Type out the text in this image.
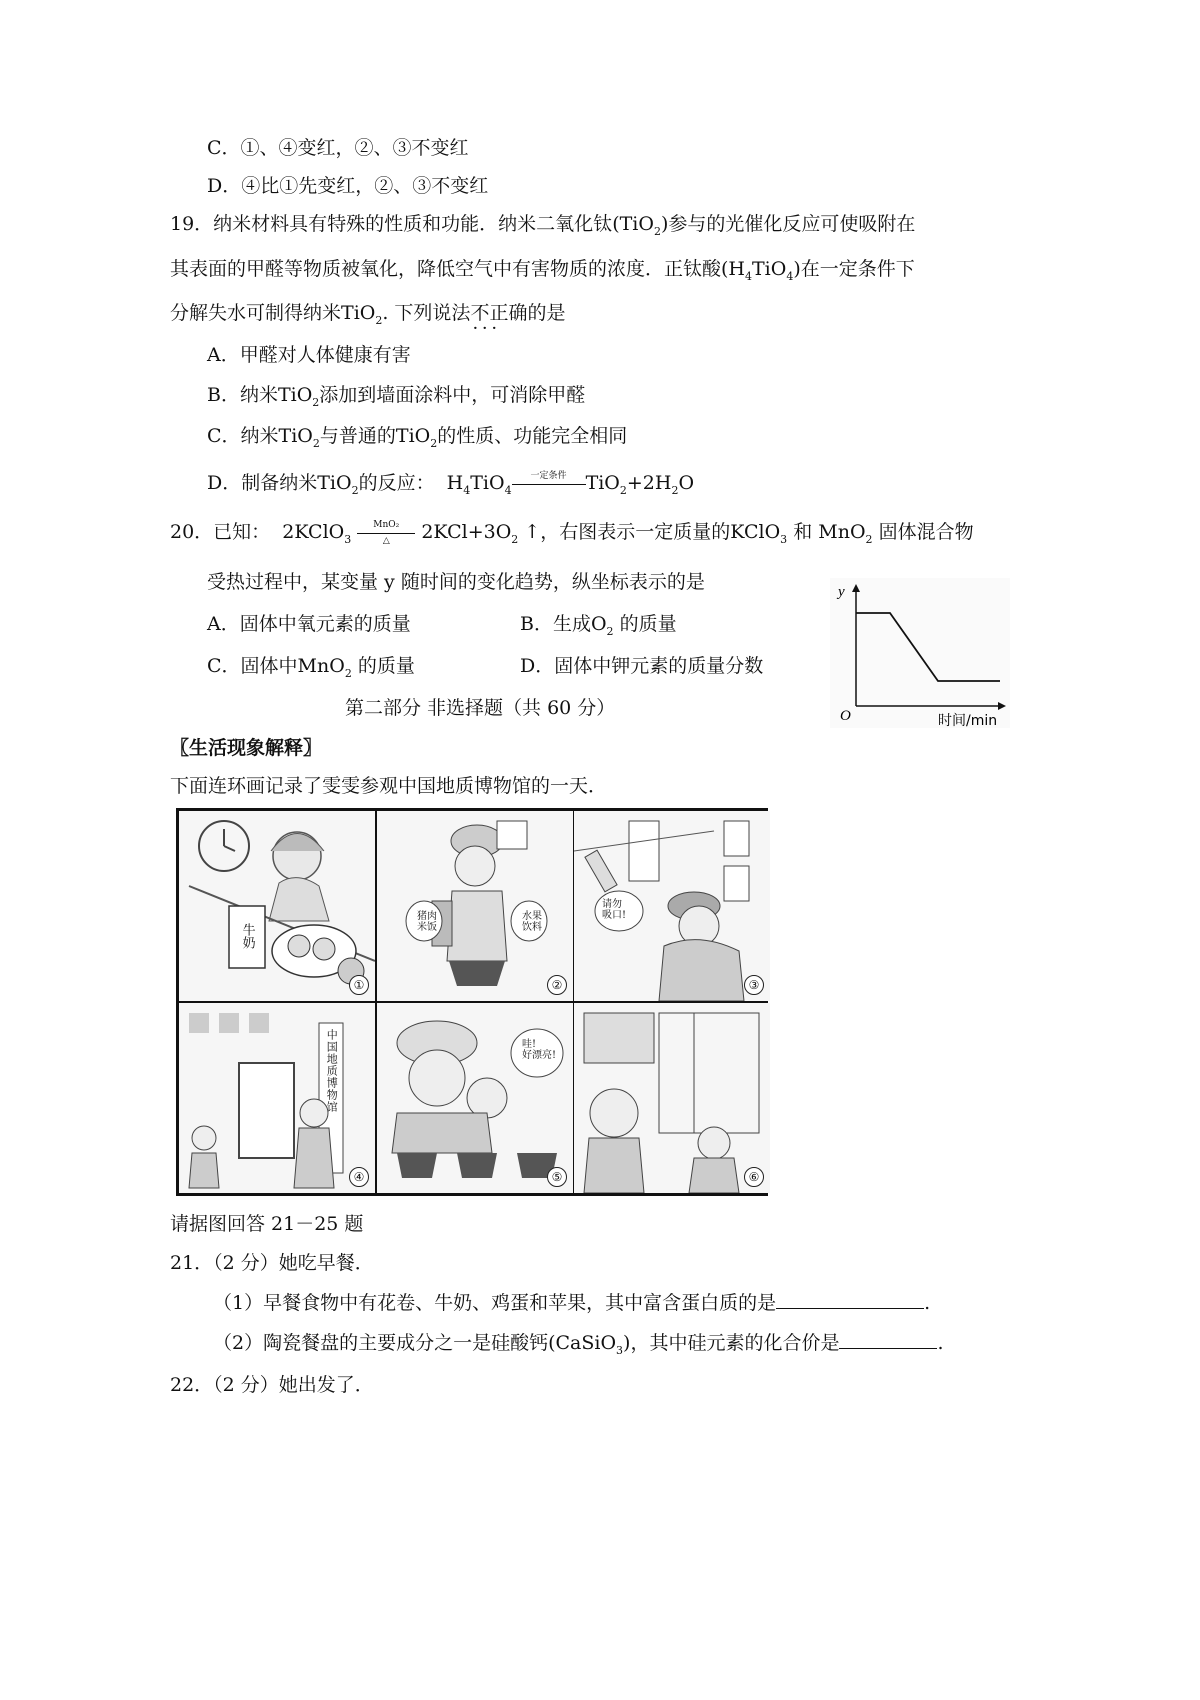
C．①、④变红，②、③不变红
D．④比①先变红，②、③不变红
19．纳米材料具有特殊的性质和功能．纳米二氧化钛(TiO$_2$)参与的光催化反应可使吸附在
其表面的甲醛等物质被氧化，降低空气中有害物质的浓度．正钛酸$(H_4TiO_4)$在一定条件下
分解失水可制得纳米TiO$_2$. 下列说法不正确 · · ·的是
A．甲醛对人体健康有害
B．纳米TiO$_2$添加到墙面涂料中，可消除甲醛
C．纳米TiO$_2$与普通的TiO$_2$的性质、功能完全相同
D．制备纳米TiO$_2$的反应：  $H_4TiO_4$
一定条件	$TiO_2+2H_2O$
20．已知：  2KClO$_3$
MnO₂
△	$2KCl+3O_2$ ↑，右图表示一定质量的KClO$_3$ 和 MnO$_2$ 固体混合物
受热过程中，某变量 y 随时间的变化趋势，纵坐标表示的是
A．固体中氧元素的质量	B．生成$O_2$ 的质量
C．固体中MnO$_2$ 的质量	D．固体中钾元素的质量分数
y
O	时间/min
第二部分 非选择题（共 60 分）
〖生活现象解释〗
下面连环画记录了雯雯参观中国地质博物馆的一天．
牛奶
①
猪肉
米饭
水果
饮料
②
请勿
吸口!
③
中国地质博物馆
④
哇!
好漂亮!
⑤	⑥
请据图回答 21－25 题
21．（2 分）她吃早餐．
（1）早餐食物中有花卷、牛奶、鸡蛋和苹果，其中富含蛋白质的是	.
（2）陶瓷餐盘的主要成分之一是硅酸钙(CaSiO$_3$)，其中硅元素的化合价是	.
22．（2 分）她出发了．
